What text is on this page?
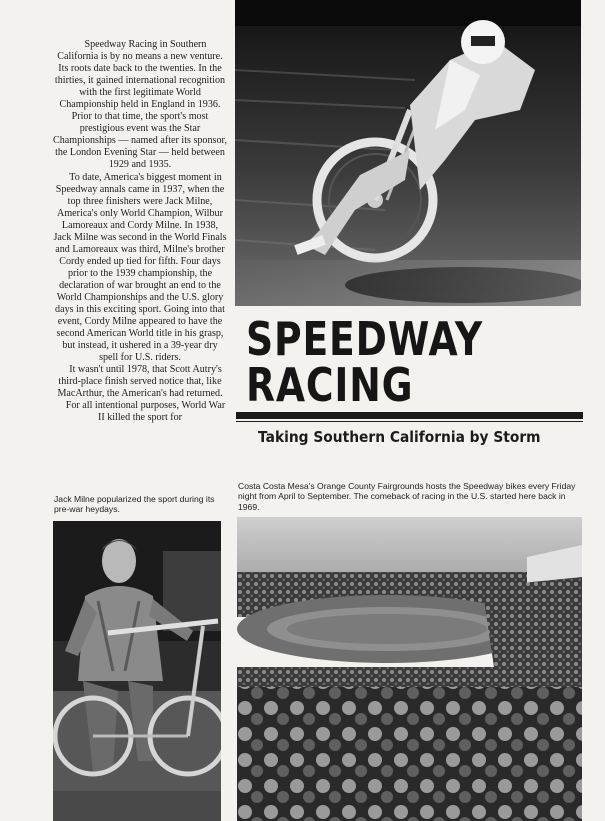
Speedway Racing in Southern California is by no means a new venture. Its roots date back to the twenties. In the thirties, it gained international recognition with the first legitimate World Championship held in England in 1936. Prior to that time, the sport's most prestigious event was the Star Championships — named after its sponsor, the London Evening Star — held between 1929 and 1935.

To date, America's biggest moment in Speedway annals came in 1937, when the top three finishers were Jack Milne, America's only World Champion, Wilbur Lamoreaux and Cordy Milne. In 1938, Jack Milne was second in the World Finals and Lamoreaux was third, Milne's brother Cordy ended up tied for fifth. Four days prior to the 1939 championship, the declaration of war brought an end to the World Championships and the U.S. glory days in this exciting sport. Going into that event, Cordy Milne appeared to have the second American World title in his grasp, but instead, it ushered in a 39-year dry spell for U.S. riders.

It wasn't until 1978, that Scott Autry's third-place finish served notice that, like MacArthur, the American's had returned.

For all intentional purposes, World War II killed the sport for

SPEEDWAY
RACING
Taking Southern California by Storm
Costa Costa Mesa's Orange County Fairgrounds hosts the Speedway bikes every Friday night from April to September. The comeback of racing in the U.S. started here back in 1969.
Jack Milne popularized the sport during its pre-war heydays.
